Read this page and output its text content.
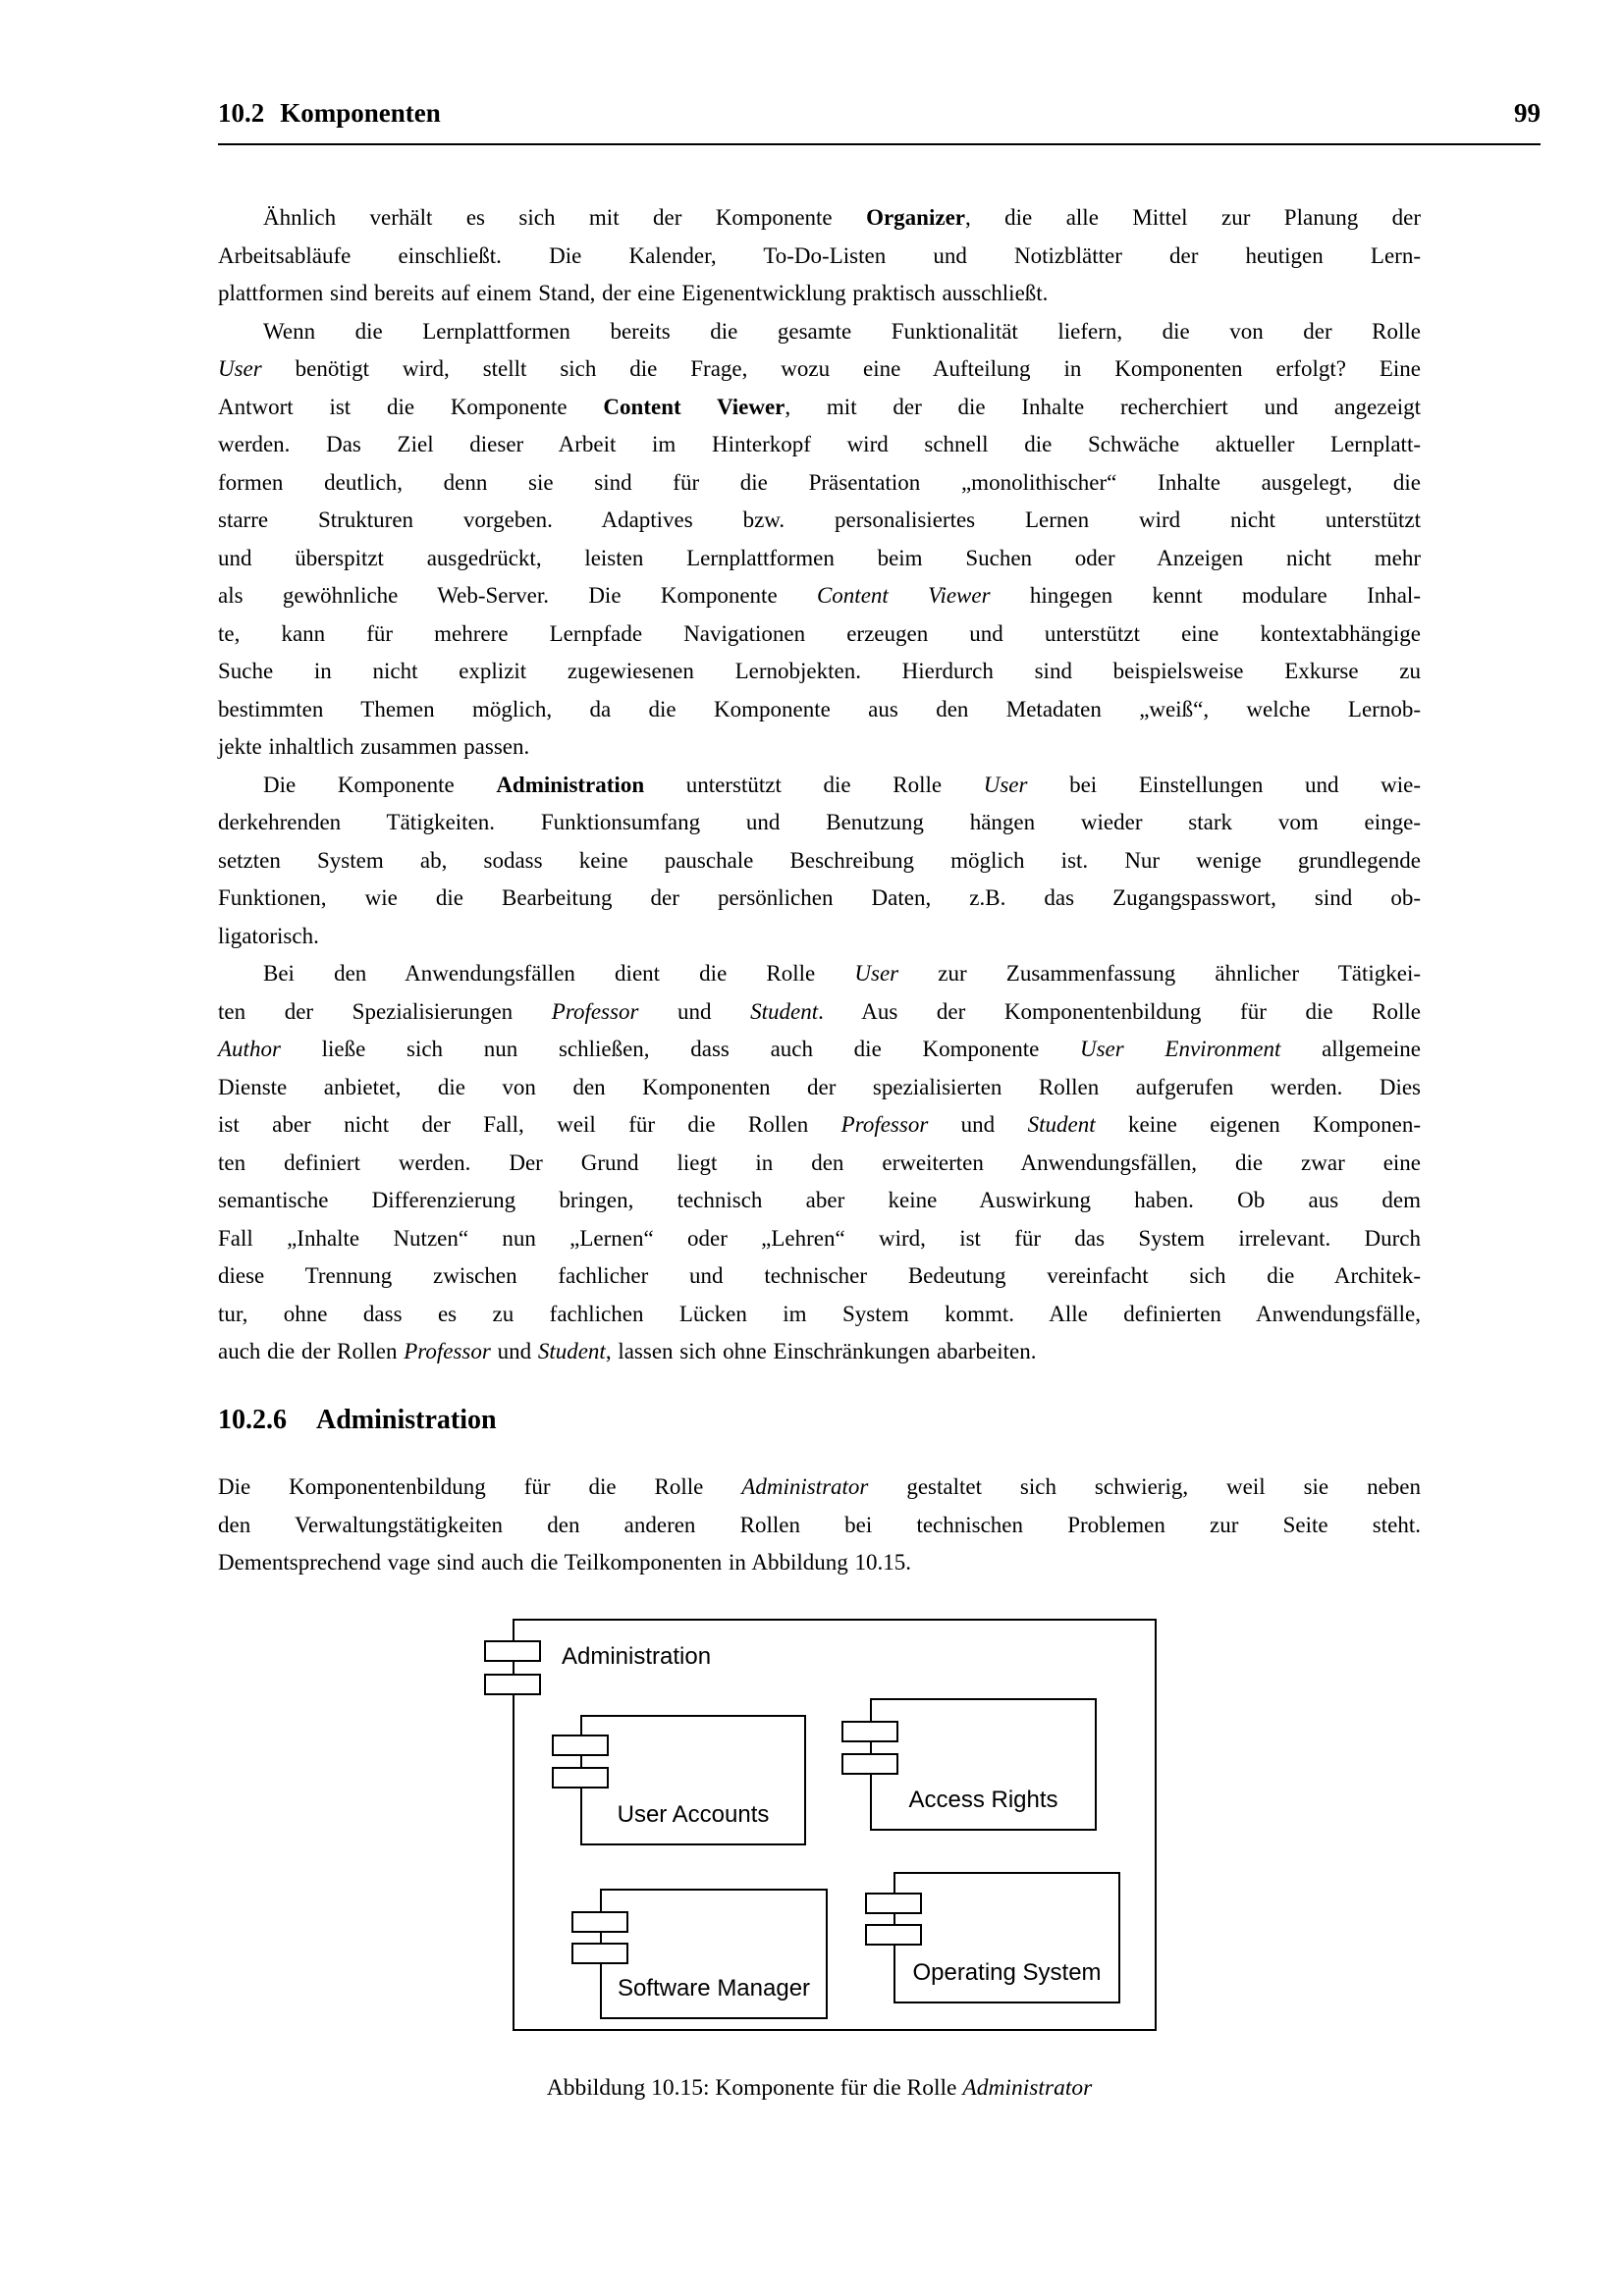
10.2 Komponenten	99
Ähnlich verhält es sich mit der Komponente Organizer, die alle Mittel zur Planung der
Arbeitsabläufe einschließt. Die Kalender, To-Do-Listen und Notizblätter der heutigen Lern-
plattformen sind bereits auf einem Stand, der eine Eigenentwicklung praktisch ausschließt.
Wenn die Lernplattformen bereits die gesamte Funktionalität liefern, die von der Rolle
User benötigt wird, stellt sich die Frage, wozu eine Aufteilung in Komponenten erfolgt? Eine
Antwort ist die Komponente Content Viewer, mit der die Inhalte recherchiert und angezeigt
werden. Das Ziel dieser Arbeit im Hinterkopf wird schnell die Schwäche aktueller Lernplatt-
formen deutlich, denn sie sind für die Präsentation „monolithischer“ Inhalte ausgelegt, die
starre Strukturen vorgeben. Adaptives bzw. personalisiertes Lernen wird nicht unterstützt
und überspitzt ausgedrückt, leisten Lernplattformen beim Suchen oder Anzeigen nicht mehr
als gewöhnliche Web-Server. Die Komponente Content Viewer hingegen kennt modulare Inhal-
te, kann für mehrere Lernpfade Navigationen erzeugen und unterstützt eine kontextabhängige
Suche in nicht explizit zugewiesenen Lernobjekten. Hierdurch sind beispielsweise Exkurse zu
bestimmten Themen möglich, da die Komponente aus den Metadaten „weiß“, welche Lernob-
jekte inhaltlich zusammen passen.
Die Komponente Administration unterstützt die Rolle User bei Einstellungen und wie-
derkehrenden Tätigkeiten. Funktionsumfang und Benutzung hängen wieder stark vom einge-
setzten System ab, sodass keine pauschale Beschreibung möglich ist. Nur wenige grundlegende
Funktionen, wie die Bearbeitung der persönlichen Daten, z.B. das Zugangspasswort, sind ob-
ligatorisch.
Bei den Anwendungsfällen dient die Rolle User zur Zusammenfassung ähnlicher Tätigkei-
ten der Spezialisierungen Professor und Student. Aus der Komponentenbildung für die Rolle
Author ließe sich nun schließen, dass auch die Komponente User Environment allgemeine
Dienste anbietet, die von den Komponenten der spezialisierten Rollen aufgerufen werden. Dies
ist aber nicht der Fall, weil für die Rollen Professor und Student keine eigenen Komponen-
ten definiert werden. Der Grund liegt in den erweiterten Anwendungsfällen, die zwar eine
semantische Differenzierung bringen, technisch aber keine Auswirkung haben. Ob aus dem
Fall „Inhalte Nutzen“ nun „Lernen“ oder „Lehren“ wird, ist für das System irrelevant. Durch
diese Trennung zwischen fachlicher und technischer Bedeutung vereinfacht sich die Architek-
tur, ohne dass es zu fachlichen Lücken im System kommt. Alle definierten Anwendungsfälle,
auch die der Rollen Professor und Student, lassen sich ohne Einschränkungen abarbeiten.
10.2.6 Administration
Die Komponentenbildung für die Rolle Administrator gestaltet sich schwierig, weil sie neben
den Verwaltungstätigkeiten den anderen Rollen bei technischen Problemen zur Seite steht.
Dementsprechend vage sind auch die Teilkomponenten in Abbildung 10.15.
Administration
User Accounts
Access Rights
Software Manager
Operating System
Abbildung 10.15: Komponente für die Rolle Administrator
